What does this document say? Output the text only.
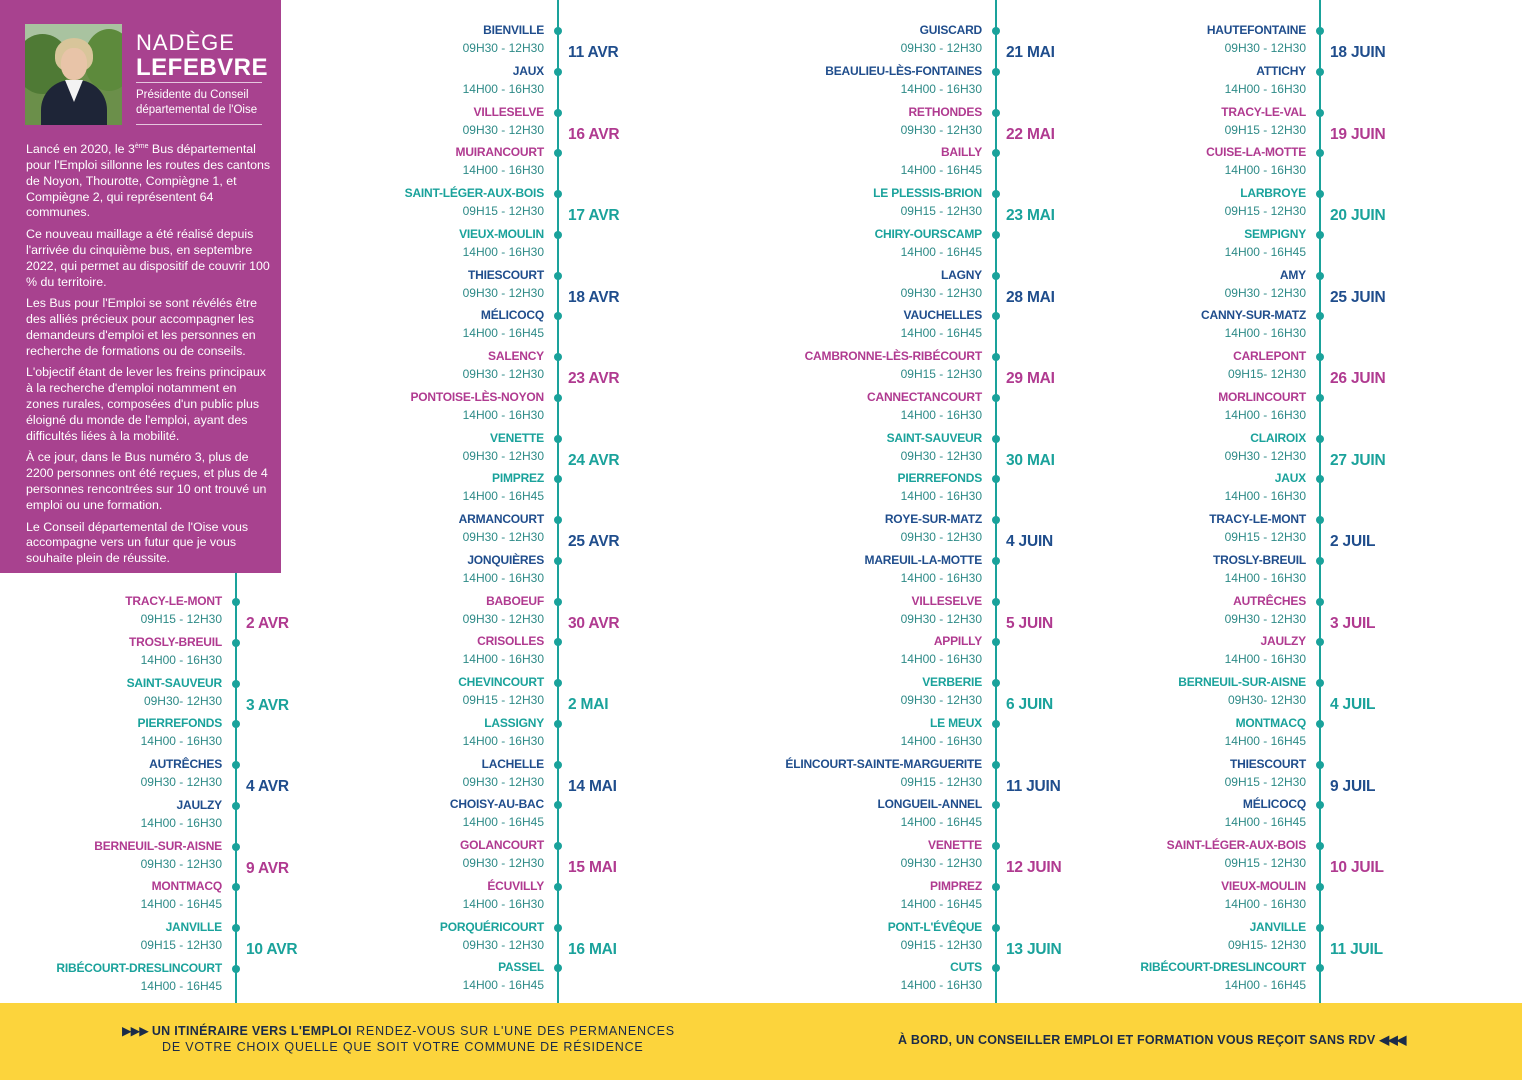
NADÈGE
LEFEBVRE
Présidente du Conseil
départemental de l'Oise

Lancé en 2020, le 3ème Bus départemental pour l'Emploi sillonne les routes des cantons de Noyon, Thourotte, Compiègne 1, et Compiègne 2, qui représentent 64 communes.

Ce nouveau maillage a été réalisé depuis l'arrivée du cinquième bus, en septembre 2022, qui permet au dispositif de couvrir 100 % du territoire.

Les Bus pour l'Emploi se sont révélés être des alliés précieux pour accompagner les demandeurs d'emploi et les personnes en recherche de formations ou de conseils.

L'objectif étant de lever les freins principaux à la recherche d'emploi notamment en zones rurales, composées d'un public plus éloigné du monde de l'emploi, ayant des difficultés liées à la mobilité.

À ce jour, dans le Bus numéro 3, plus de 2200 personnes ont été reçues, et plus de 4 personnes rencontrées sur 10 ont trouvé un emploi ou une formation.

Le Conseil départemental de l'Oise vous accompagne vers un futur que je vous souhaite plein de réussite.

TRACY-LE-MONT
09H15 - 12H30
TROSLY-BREUIL
14H00 - 16H30
2 AVR
SAINT-SAUVEUR
09H30- 12H30
PIERREFONDS
14H00 - 16H30
3 AVR
AUTRÊCHES
09H30 - 12H30
JAULZY
14H00 - 16H30
4 AVR
BERNEUIL-SUR-AISNE
09H30 - 12H30
MONTMACQ
14H00 - 16H45
9 AVR
JANVILLE
09H15 - 12H30
RIBÉCOURT-DRESLINCOURT
14H00 - 16H45
10 AVR
BIENVILLE
09H30 - 12H30
JAUX
14H00 - 16H30
11 AVR
VILLESELVE
09H30 - 12H30
MUIRANCOURT
14H00 - 16H30
16 AVR
SAINT-LÉGER-AUX-BOIS
09H15 - 12H30
VIEUX-MOULIN
14H00 - 16H30
17 AVR
THIESCOURT
09H30 - 12H30
MÉLICOCQ
14H00 - 16H45
18 AVR
SALENCY
09H30 - 12H30
PONTOISE-LÈS-NOYON
14H00 - 16H30
23 AVR
VENETTE
09H30 - 12H30
PIMPREZ
14H00 - 16H45
24 AVR
ARMANCOURT
09H30 - 12H30
JONQUIÈRES
14H00 - 16H30
25 AVR
BABOEUF
09H30 - 12H30
CRISOLLES
14H00 - 16H30
30 AVR
CHEVINCOURT
09H15 - 12H30
LASSIGNY
14H00 - 16H30
2 MAI
LACHELLE
09H30 - 12H30
CHOISY-AU-BAC
14H00 - 16H45
14 MAI
GOLANCOURT
09H30 - 12H30
ÉCUVILLY
14H00 - 16H30
15 MAI
PORQUÉRICOURT
09H30 - 12H30
PASSEL
14H00 - 16H45
16 MAI
GUISCARD
09H30 - 12H30
BEAULIEU-LÈS-FONTAINES
14H00 - 16H30
21 MAI
RETHONDES
09H30 - 12H30
BAILLY
14H00 - 16H45
22 MAI
LE PLESSIS-BRION
09H15 - 12H30
CHIRY-OURSCAMP
14H00 - 16H45
23 MAI
LAGNY
09H30 - 12H30
VAUCHELLES
14H00 - 16H45
28 MAI
CAMBRONNE-LÈS-RIBÉCOURT
09H15 - 12H30
CANNECTANCOURT
14H00 - 16H30
29 MAI
SAINT-SAUVEUR
09H30 - 12H30
PIERREFONDS
14H00 - 16H30
30 MAI
ROYE-SUR-MATZ
09H30 - 12H30
MAREUIL-LA-MOTTE
14H00 - 16H30
4 JUIN
VILLESELVE
09H30 - 12H30
APPILLY
14H00 - 16H30
5 JUIN
VERBERIE
09H30 - 12H30
LE MEUX
14H00 - 16H30
6 JUIN
ÉLINCOURT-SAINTE-MARGUERITE
09H15 - 12H30
LONGUEIL-ANNEL
14H00 - 16H45
11 JUIN
VENETTE
09H30 - 12H30
PIMPREZ
14H00 - 16H45
12 JUIN
PONT-L'ÉVÊQUE
09H15 - 12H30
CUTS
14H00 - 16H30
13 JUIN
HAUTEFONTAINE
09H30 - 12H30
ATTICHY
14H00 - 16H30
18 JUIN
TRACY-LE-VAL
09H15 - 12H30
CUISE-LA-MOTTE
14H00 - 16H30
19 JUIN
LARBROYE
09H15 - 12H30
SEMPIGNY
14H00 - 16H45
20 JUIN
AMY
09H30 - 12H30
CANNY-SUR-MATZ
14H00 - 16H30
25 JUIN
CARLEPONT
09H15- 12H30
MORLINCOURT
14H00 - 16H30
26 JUIN
CLAIROIX
09H30 - 12H30
JAUX
14H00 - 16H30
27 JUIN
TRACY-LE-MONT
09H15 - 12H30
TROSLY-BREUIL
14H00 - 16H30
2 JUIL
AUTRÊCHES
09H30 - 12H30
JAULZY
14H00 - 16H30
3 JUIL
BERNEUIL-SUR-AISNE
09H30- 12H30
MONTMACQ
14H00 - 16H45
4 JUIL
THIESCOURT
09H15 - 12H30
MÉLICOCQ
14H00 - 16H45
9 JUIL
SAINT-LÉGER-AUX-BOIS
09H15 - 12H30
VIEUX-MOULIN
14H00 - 16H30
10 JUIL
JANVILLE
09H15- 12H30
RIBÉCOURT-DRESLINCOURT
14H00 - 16H45
11 JUIL
▶▶▶ UN ITINÉRAIRE VERS L'EMPLOI RENDEZ-VOUS SUR L'UNE DES PERMANENCES
DE VOTRE CHOIX QUELLE QUE SOIT VOTRE COMMUNE DE RÉSIDENCE	À BORD, UN CONSEILLER EMPLOI ET FORMATION VOUS REÇOIT SANS RDV ◀◀◀
